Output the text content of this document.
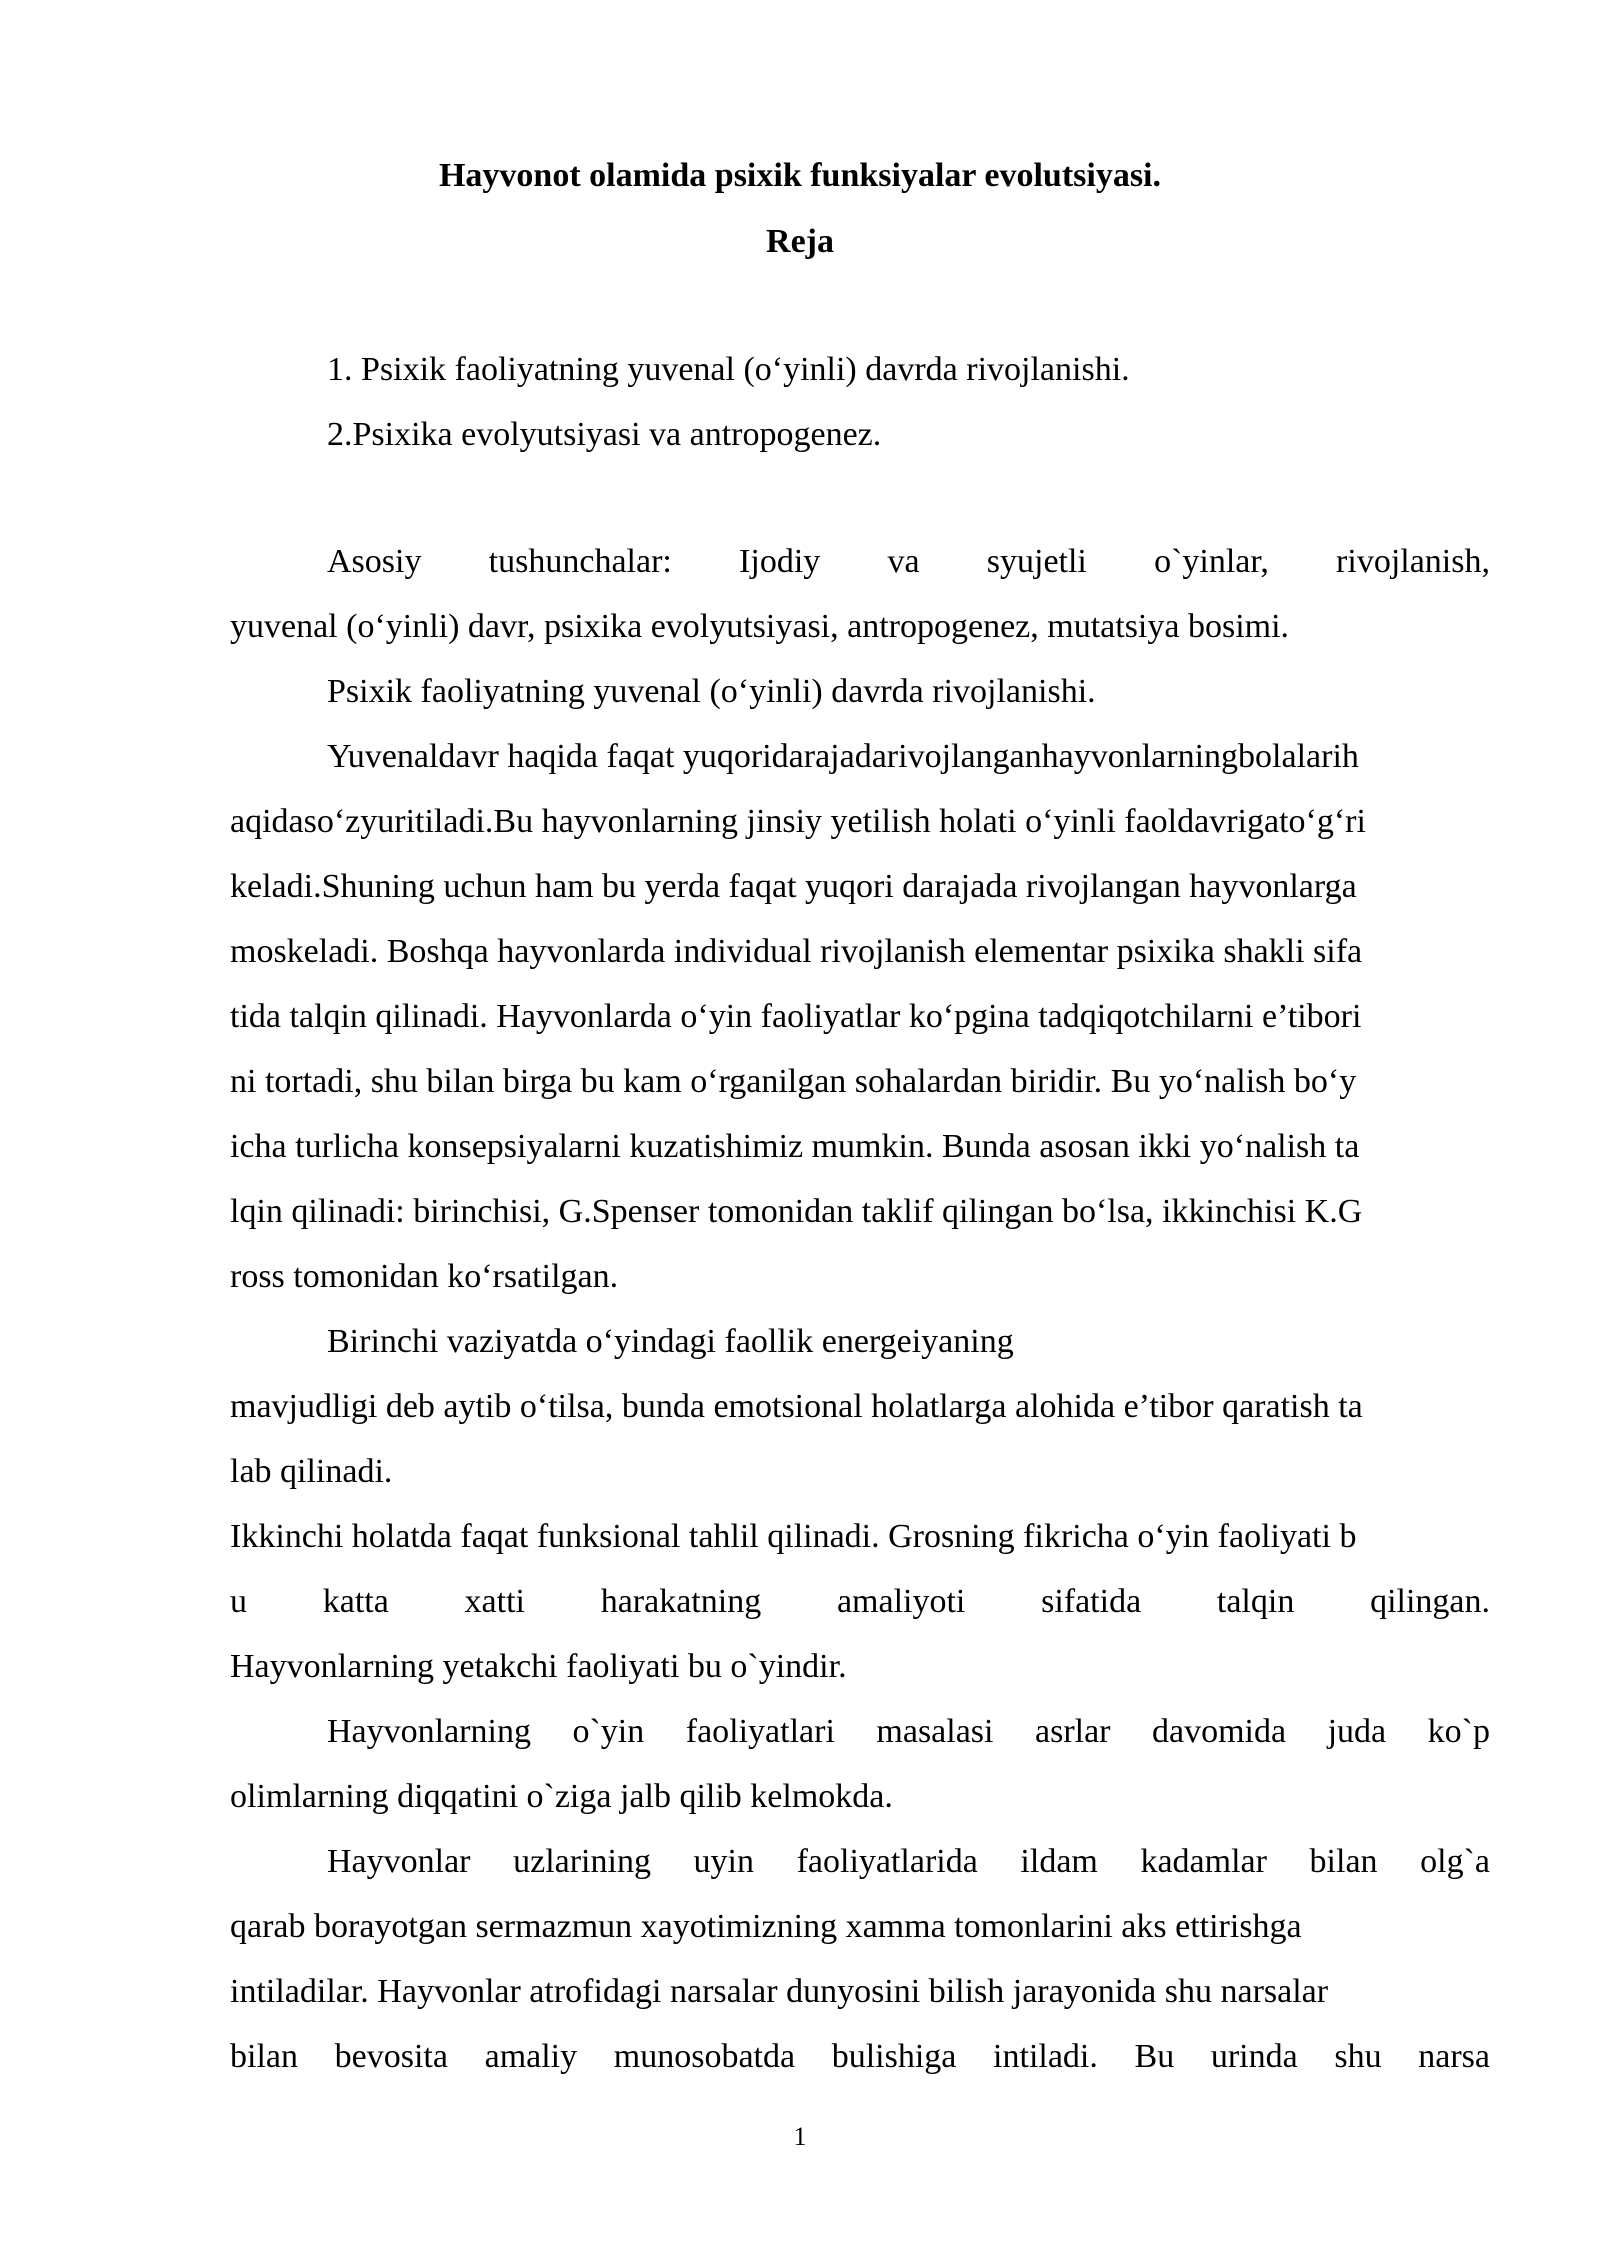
Hayvonot olamida psixik funksiyalar evolutsiyasi.

Reja

1. Psixik faoliyatning yuvenal (o‘yinli) davrda rivojlanishi.

2.Psixika evolyutsiyasi va antropogenez.

Asosiy tushunchalar: Ijodiy va syujetli o`yinlar, rivojlanish,

yuvenal (o‘yinli) davr, psixika evolyutsiyasi, antropogenez, mutatsiya bosimi.

Psixik faoliyatning yuvenal (o‘yinli) davrda rivojlanishi.

Yuvenaldavr haqida faqat yuqoridarajadarivojlanganhayvonlarningbolalarih

aqidaso‘zyuritiladi.Bu hayvonlarning jinsiy yetilish holati o‘yinli faoldavrigato‘g‘ri

keladi.Shuning uchun ham bu yerda faqat yuqori darajada rivojlangan hayvonlarga

moskeladi. Boshqa hayvonlarda individual rivojlanish elementar psixika shakli sifa

tida talqin qilinadi. Hayvonlarda o‘yin faoliyatlar ko‘pgina tadqiqotchilarni e’tibori

ni tortadi, shu bilan birga bu kam o‘rganilgan sohalardan biridir. Bu yo‘nalish bo‘y

icha turlicha konsepsiyalarni kuzatishimiz mumkin. Bunda asosan ikki yo‘nalish ta

lqin qilinadi: birinchisi, G.Spenser tomonidan taklif qilingan bo‘lsa, ikkinchisi K.G

ross tomonidan ko‘rsatilgan.

Birinchi vaziyatda o‘yindagi faollik energeiyaning

mavjudligi deb aytib o‘tilsa, bunda emotsional holatlarga alohida e’tibor qaratish ta

lab qilinadi.

Ikkinchi holatda faqat funksional tahlil qilinadi. Grosning fikricha o‘yin faoliyati b

u katta xatti harakatning amaliyoti sifatida talqin qilingan.

Hayvonlarning yetakchi faoliyati bu o`yindir.

Hayvonlarning o`yin faoliyatlari masalasi asrlar davomida juda ko`p

olimlarning diqqatini o`ziga jalb qilib kelmokda.

Hayvonlar uzlarining uyin faoliyatlarida ildam kadamlar bilan olg`a

qarab borayotgan sermazmun xayotimizning xamma tomonlarini aks ettirishga

intiladilar. Hayvonlar atrofidagi narsalar dunyosini bilish jarayonida shu narsalar

bilan bevosita amaliy munosobatda bulishiga intiladi. Bu urinda shu narsa

1
